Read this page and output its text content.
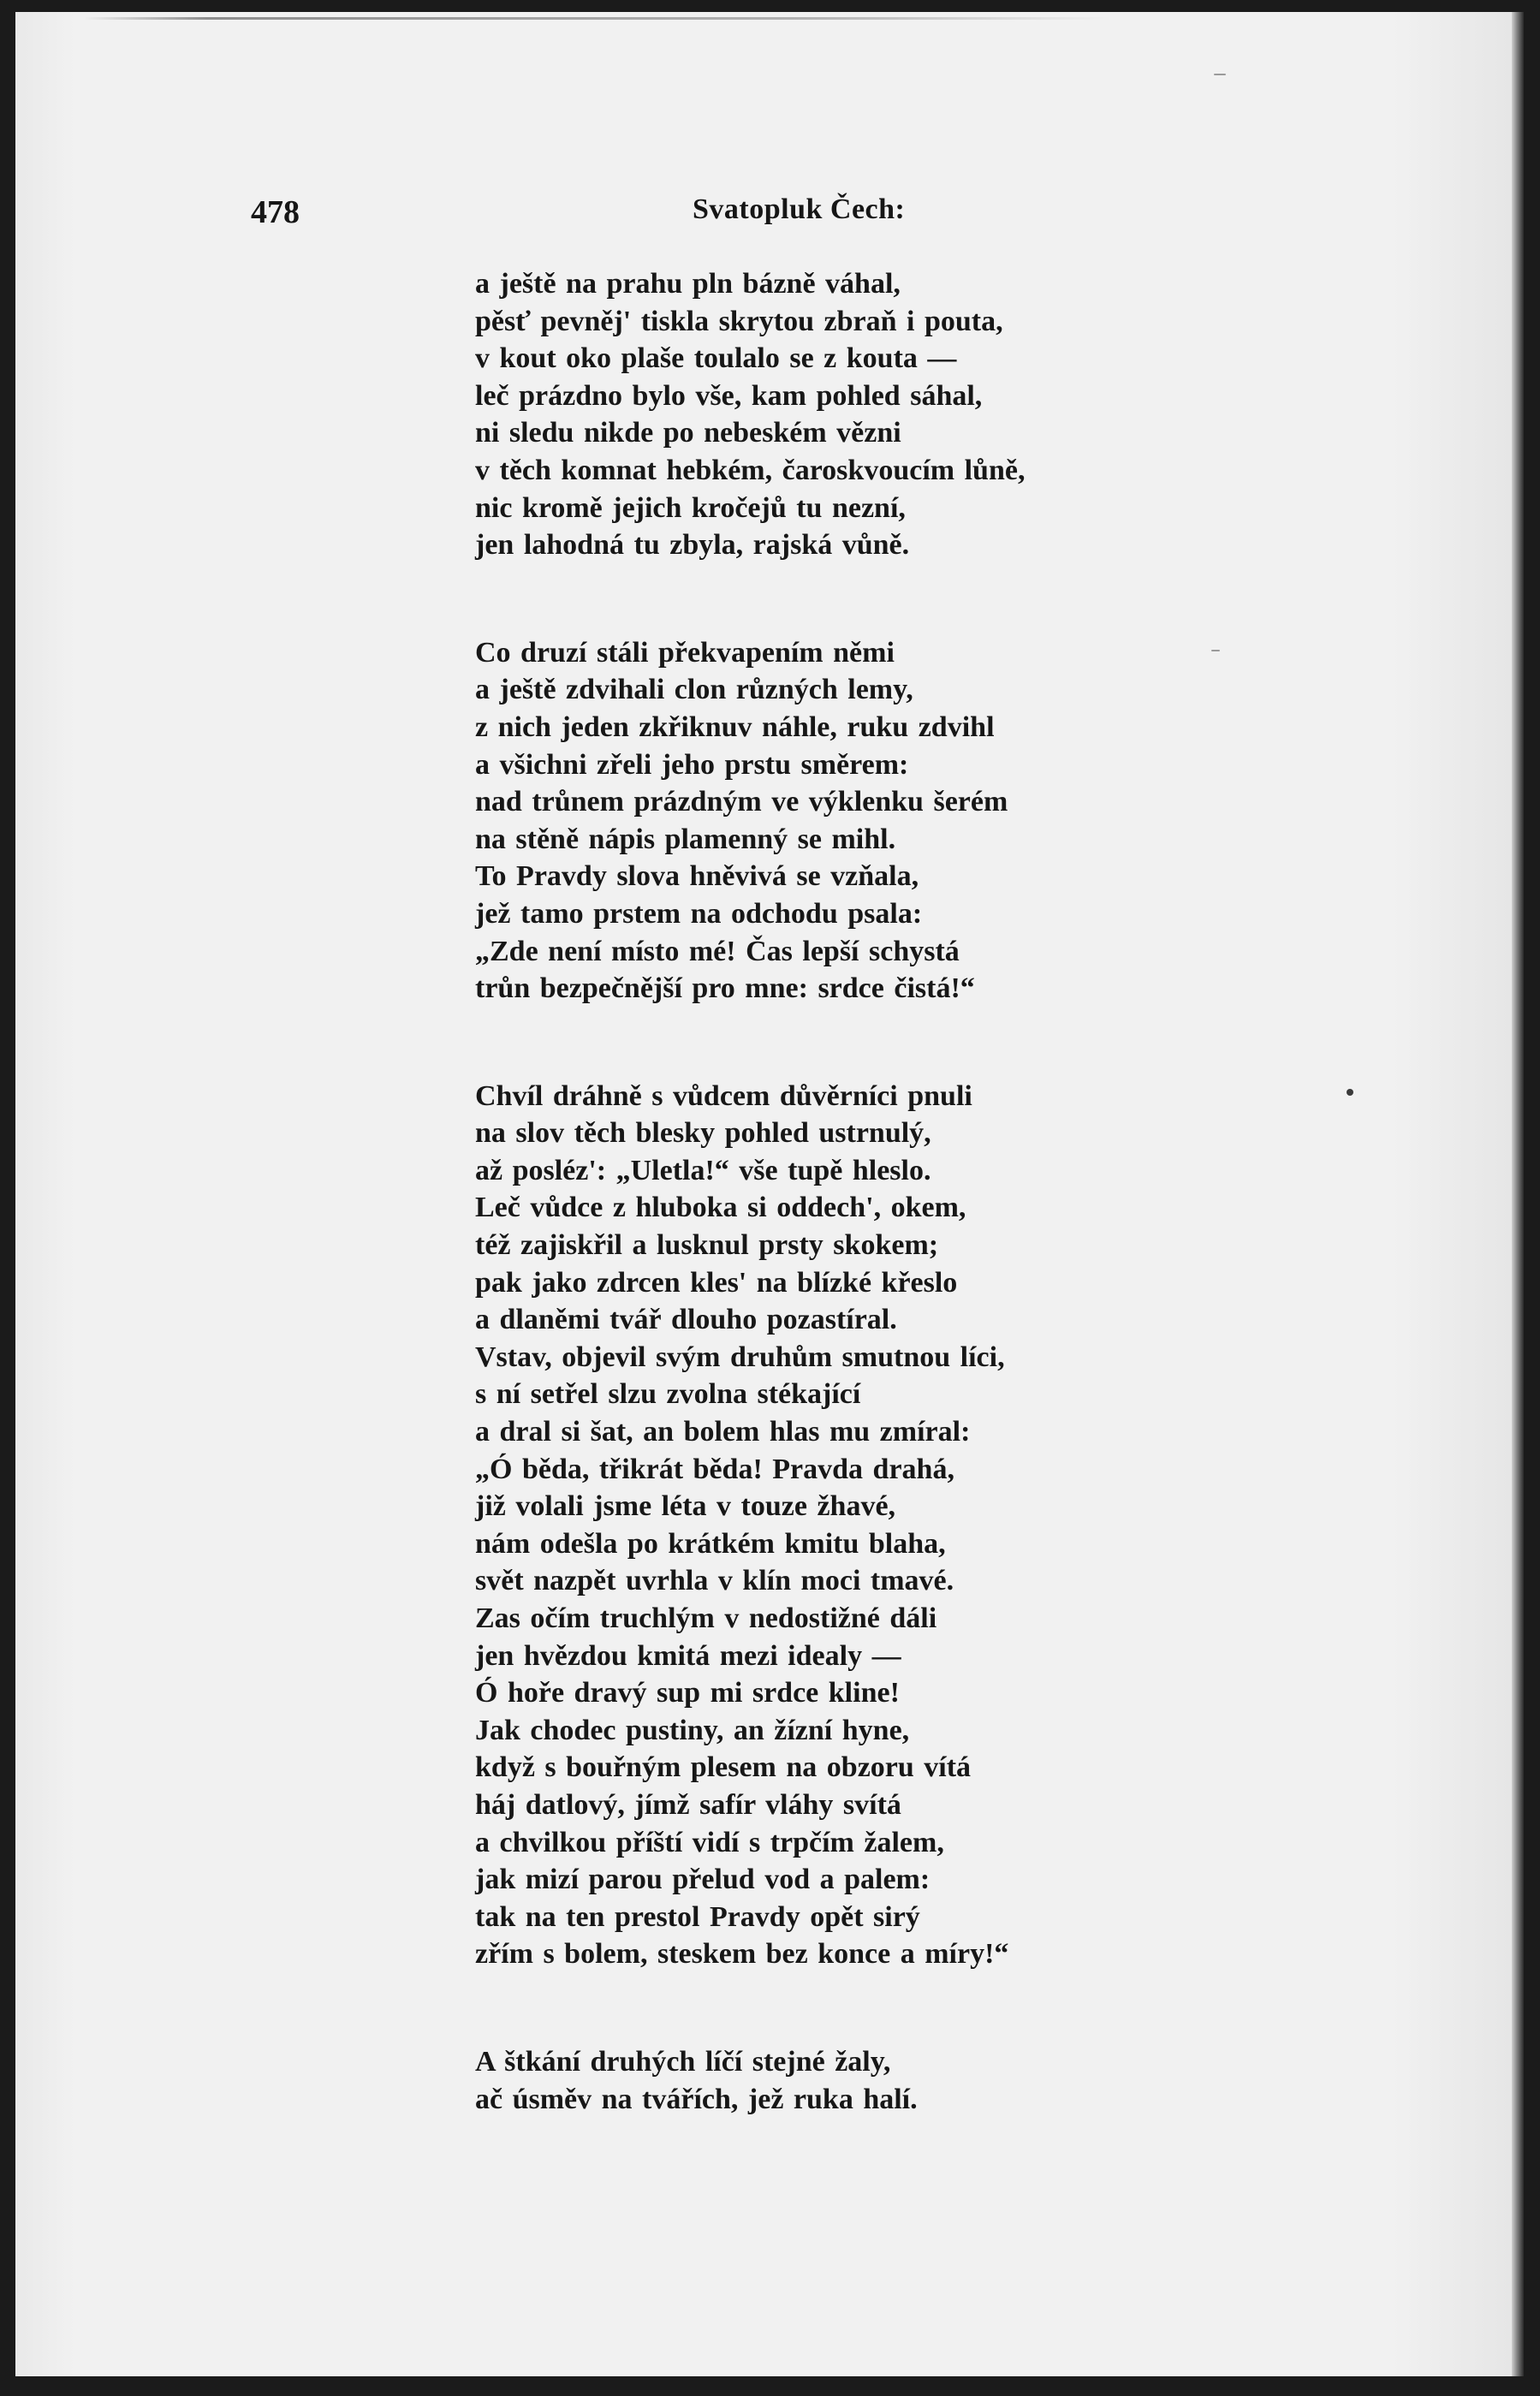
478	Svatopluk Čech:
a ještě na prahu pln bázně váhal,
pěsť pevněj' tiskla skrytou zbraň i pouta,
v kout oko plaše toulalo se z kouta —
leč prázdno bylo vše, kam pohled sáhal,
ni sledu nikde po nebeském vězni
v těch komnat hebkém, čaroskvoucím lůně,
nic kromě jejich kročejů tu nezní,
jen lahodná tu zbyla, rajská vůně.
Co druzí stáli překvapením němi
a ještě zdvihali clon různých lemy,
z nich jeden zkřiknuv náhle, ruku zdvihl
a všichni zřeli jeho prstu směrem:
nad trůnem prázdným ve výklenku šerém
na stěně nápis plamenný se mihl.
To Pravdy slova hněvivá se vzňala,
jež tamo prstem na odchodu psala:
„Zde není místo mé! Čas lepší schystá
trůn bezpečnější pro mne: srdce čistá!“
Chvíl dráhně s vůdcem důvěrníci pnuli
na slov těch blesky pohled ustrnulý,
až posléz': „Uletla!“ vše tupě hleslo.
Leč vůdce z hluboka si oddech', okem,
též zajiskřil a lusknul prsty skokem;
pak jako zdrcen kles' na blízké křeslo
a dlaněmi tvář dlouho pozastíral.
Vstav, objevil svým druhům smutnou líci,
s ní setřel slzu zvolna stékající
a dral si šat, an bolem hlas mu zmíral:
„Ó běda, třikrát běda! Pravda drahá,
již volali jsme léta v touze žhavé,
nám odešla po krátkém kmitu blaha,
svět nazpět uvrhla v klín moci tmavé.
Zas očím truchlým v nedostižné dáli
jen hvězdou kmitá mezi idealy —
Ó hoře dravý sup mi srdce kline!
Jak chodec pustiny, an žízní hyne,
když s bouřným plesem na obzoru vítá
háj datlový, jímž safír vláhy svítá
a chvilkou příští vidí s trpčím žalem,
jak mizí parou přelud vod a palem:
tak na ten prestol Pravdy opět sirý
zřím s bolem, steskem bez konce a míry!“
A štkání druhých líčí stejné žaly,
ač úsměv na tvářích, jež ruka halí.
